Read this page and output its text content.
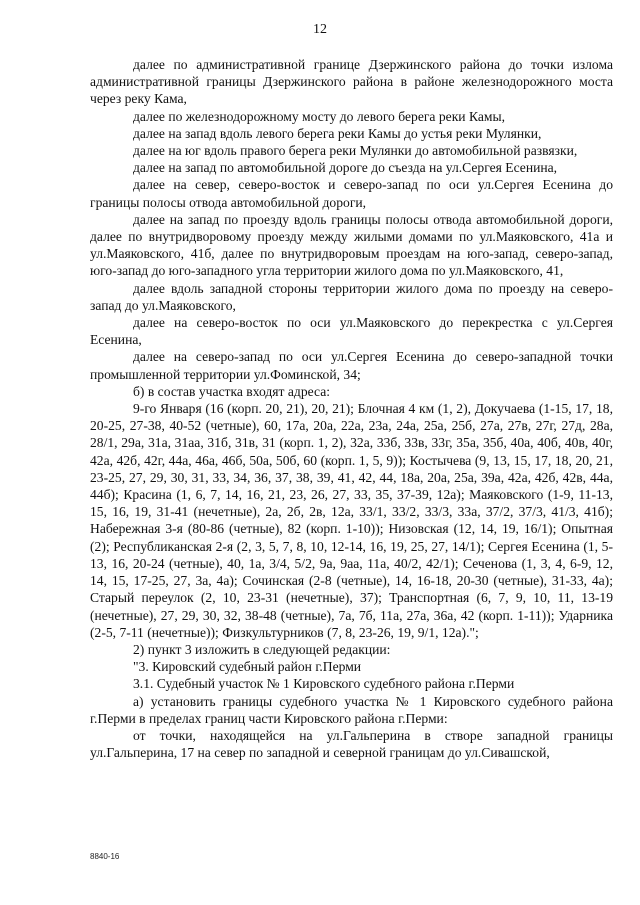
12

далее по административной границе Дзержинского района до точки излома административной границы Дзержинского района в районе железнодорожного моста через реку Кама,

далее по железнодорожному мосту до левого берега реки Камы,

далее на запад вдоль левого берега реки Камы до устья реки Мулянки,

далее на юг вдоль правого берега реки Мулянки до автомобильной развязки,

далее на запад по автомобильной дороге до съезда на ул.Сергея Есенина,

далее на север, северо-восток и северо-запад по оси ул.Сергея Есенина до границы полосы отвода автомобильной дороги,

далее на запад по проезду вдоль границы полосы отвода автомобильной дороги, далее по внутридворовому проезду между жилыми домами по ул.Маяковского, 41а и ул.Маяковского, 41б, далее по внутридворовым проездам на юго-запад, северо-запад, юго-запад до юго-западного угла территории жилого дома по ул.Маяковского, 41,

далее вдоль западной стороны территории жилого дома по проезду на северо-запад до ул.Маяковского,

далее на северо-восток по оси ул.Маяковского до перекрестка с ул.Сергея Есенина,

далее на северо-запад по оси ул.Сергея Есенина до северо-западной точки промышленной территории ул.Фоминской, 34;

б) в состав участка входят адреса:

9-го Января (16 (корп. 20, 21), 20, 21); Блочная 4 км (1, 2), Докучаева (1-15, 17, 18, 20-25, 27-38, 40-52 (четные), 60, 17а, 20а, 22а, 23а, 24а, 25а, 25б, 27а, 27в, 27г, 27д, 28а, 28/1, 29а, 31а, 31аа, 31б, 31в, 31 (корп. 1, 2), 32а, 33б, 33в, 33г, 35а, 35б, 40а, 40б, 40в, 40г, 42а, 42б, 42г, 44а, 46а, 46б, 50а, 50б, 60 (корп. 1, 5, 9)); Костычева (9, 13, 15, 17, 18, 20, 21, 23-25, 27, 29, 30, 31, 33, 34, 36, 37, 38, 39, 41, 42, 44, 18а, 20а, 25а, 39а, 42а, 42б, 42в, 44а, 44б); Красина (1, 6, 7, 14, 16, 21, 23, 26, 27, 33, 35, 37-39, 12а); Маяковского (1-9, 11-13, 15, 16, 19, 31-41 (нечетные), 2а, 2б, 2в, 12а, 33/1, 33/2, 33/3, 33а, 37/2, 37/3, 41/3, 41б); Набережная 3-я (80-86 (четные), 82 (корп. 1-10)); Низовская (12, 14, 19, 16/1); Опытная (2); Республиканская 2-я (2, 3, 5, 7, 8, 10, 12-14, 16, 19, 25, 27, 14/1); Сергея Есенина (1, 5-13, 16, 20-24 (четные), 40, 1а, 3/4, 5/2, 9а, 9аа, 11а, 40/2, 42/1); Сеченова (1, 3, 4, 6-9, 12, 14, 15, 17-25, 27, 3а, 4а); Сочинская (2-8 (четные), 14, 16-18, 20-30 (четные), 31-33, 4а); Старый переулок (2, 10, 23-31 (нечетные), 37); Транспортная (6, 7, 9, 10, 11, 13-19 (нечетные), 27, 29, 30, 32, 38-48 (четные), 7а, 7б, 11а, 27а, 36а, 42 (корп. 1-11)); Ударника (2-5, 7-11 (нечетные)); Физкультурников (7, 8, 23-26, 19, 9/1, 12а).";

2) пункт 3 изложить в следующей редакции:

"3. Кировский судебный район г.Перми

3.1. Судебный участок № 1 Кировского судебного района г.Перми

а) установить границы судебного участка № 1 Кировского судебного района г.Перми в пределах границ части Кировского района г.Перми:

от точки, находящейся на ул.Гальперина в створе западной границы ул.Гальперина, 17 на север по западной и северной границам до ул.Сивашской,

8840-16
